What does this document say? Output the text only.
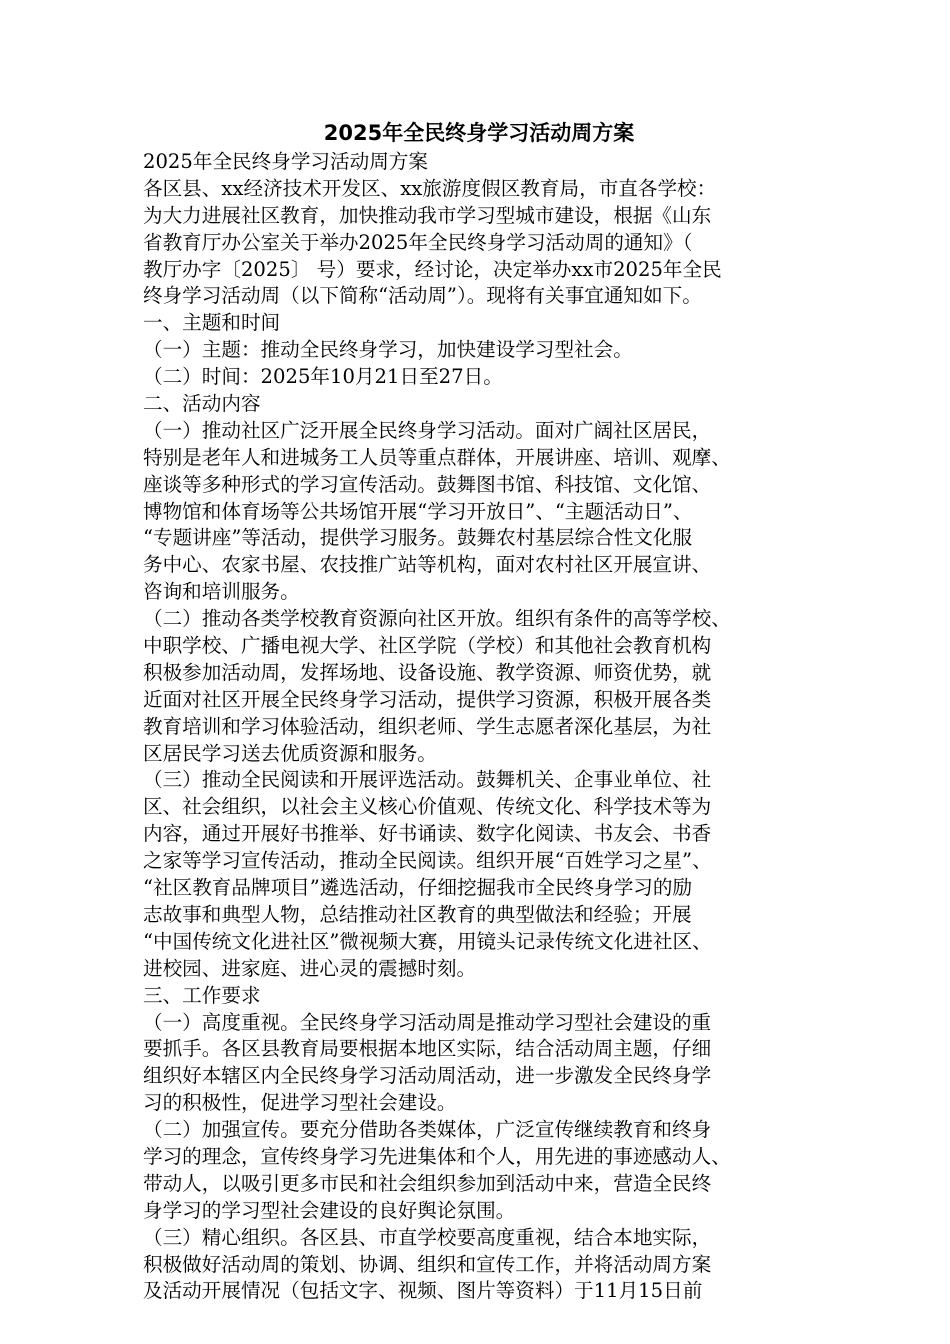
2025年全民终身学习活动周方案
2025年全民终身学习活动周方案
各区县、xx经济技术开发区、xx旅游度假区教育局，市直各学校：
为大力进展社区教育，加快推动我市学习型城市建设，根据《山东
省教育厅办公室关于举办2025年全民终身学习活动周的通知》（
教厅办字〔2025〕 号）要求，经讨论，决定举办xx市2025年全民
终身学习活动周（以下简称“活动周”）。现将有关事宜通知如下。
一、主题和时间
（一）主题：推动全民终身学习，加快建设学习型社会。
（二）时间：2025年10月21日至27日。
二、活动内容
（一）推动社区广泛开展全民终身学习活动。面对广阔社区居民，
特别是老年人和进城务工人员等重点群体，开展讲座、培训、观摩、
座谈等多种形式的学习宣传活动。鼓舞图书馆、科技馆、文化馆、
博物馆和体育场等公共场馆开展“学习开放日”、“主题活动日”、
“专题讲座”等活动，提供学习服务。鼓舞农村基层综合性文化服
务中心、农家书屋、农技推广站等机构，面对农村社区开展宣讲、
咨询和培训服务。
（二）推动各类学校教育资源向社区开放。组织有条件的高等学校、
中职学校、广播电视大学、社区学院（学校）和其他社会教育机构
积极参加活动周，发挥场地、设备设施、教学资源、师资优势，就
近面对社区开展全民终身学习活动，提供学习资源，积极开展各类
教育培训和学习体验活动，组织老师、学生志愿者深化基层，为社
区居民学习送去优质资源和服务。
（三）推动全民阅读和开展评选活动。鼓舞机关、企事业单位、社
区、社会组织，以社会主义核心价值观、传统文化、科学技术等为
内容，通过开展好书推举、好书诵读、数字化阅读、书友会、书香
之家等学习宣传活动，推动全民阅读。组织开展“百姓学习之星”、
“社区教育品牌项目”遴选活动，仔细挖掘我市全民终身学习的励
志故事和典型人物，总结推动社区教育的典型做法和经验；开展
“中国传统文化进社区”微视频大赛，用镜头记录传统文化进社区、
进校园、进家庭、进心灵的震撼时刻。
三、工作要求
（一）高度重视。全民终身学习活动周是推动学习型社会建设的重
要抓手。各区县教育局要根据本地区实际，结合活动周主题，仔细
组织好本辖区内全民终身学习活动周活动，进一步激发全民终身学
习的积极性，促进学习型社会建设。
（二）加强宣传。要充分借助各类媒体，广泛宣传继续教育和终身
学习的理念，宣传终身学习先进集体和个人，用先进的事迹感动人、
带动人，以吸引更多市民和社会组织参加到活动中来，营造全民终
身学习的学习型社会建设的良好舆论氛围。
（三）精心组织。各区县、市直学校要高度重视，结合本地实际，
积极做好活动周的策划、协调、组织和宣传工作，并将活动周方案
及活动开展情况（包括文字、视频、图片等资料）于11月15日前
